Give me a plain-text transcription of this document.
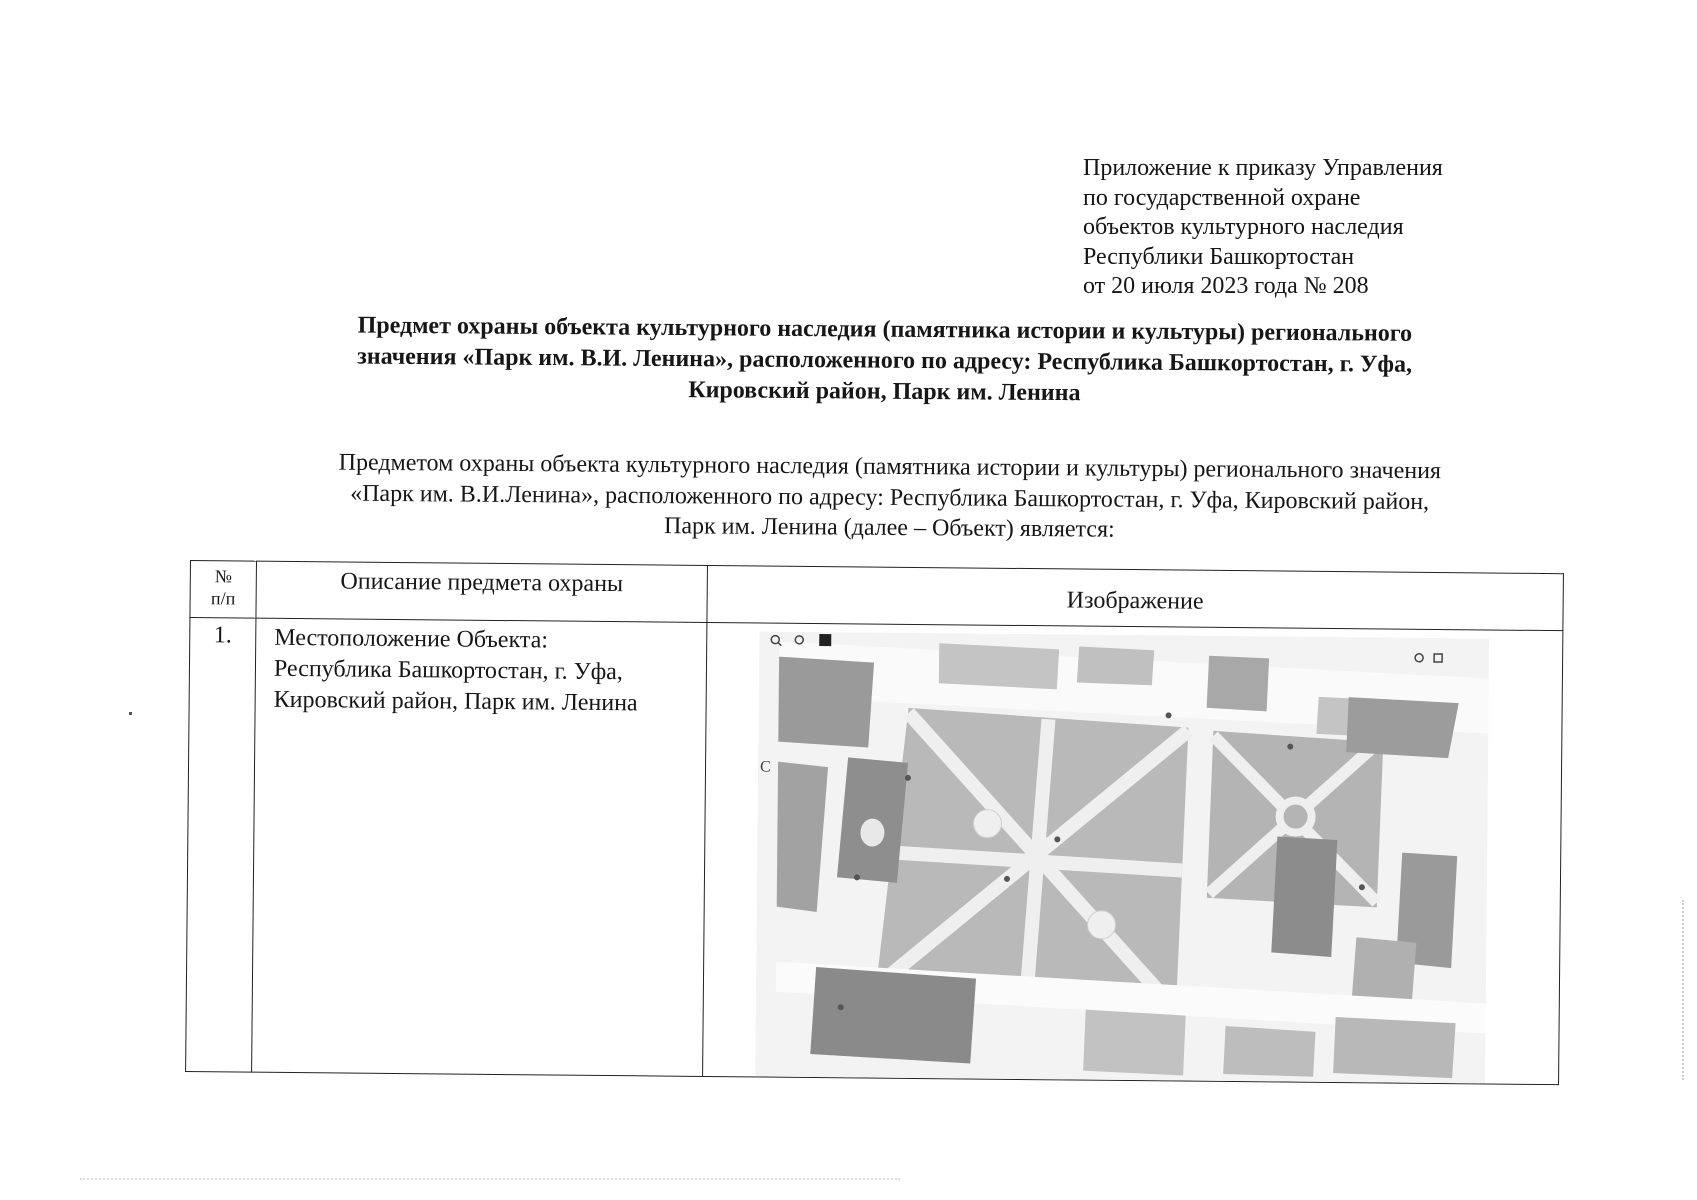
Приложение к приказу Управления
по государственной охране
объектов культурного наследия
Республики Башкортостан
от 20 июля 2023 года № 208
Предмет охраны объекта культурного наследия (памятника истории и культуры) регионального
значения «Парк им. В.И. Ленина», расположенного по адресу: Республика Башкортостан, г. Уфа,
Кировский район, Парк им. Ленина
Предметом охраны объекта культурного наследия (памятника истории и культуры) регионального значения
«Парк им. В.И.Ленина», расположенного по адресу: Республика Башкортостан, г. Уфа, Кировский район,
Парк им. Ленина (далее – Объект) является:
№
п/п	Описание предмета охраны	Изображение
1.	Местоположение Объекта:
Республика Башкортостан, г. Уфа,
Кировский район, Парк им. Ленина	С
